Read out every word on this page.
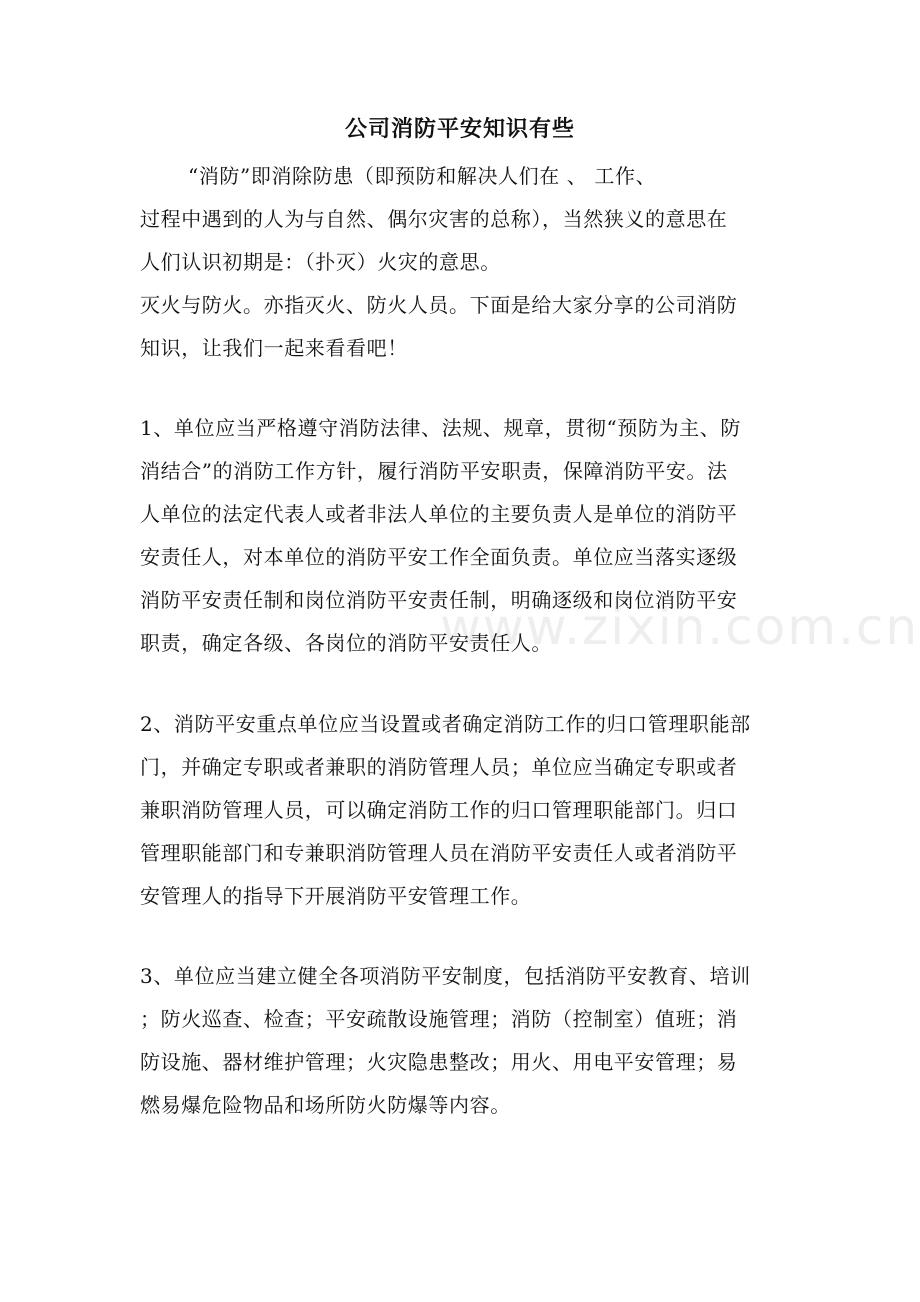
公司消防平安知识有些
“消防”即消除防患（即预防和解决人们在 、 工作、
过程中遇到的人为与自然、偶尔灾害的总称），当然狭义的意思在
人们认识初期是：（扑灭）火灾的意思。
灭火与防火。亦指灭火、防火人员。下面是给大家分享的公司消防
知识，让我们一起来看看吧！
1、单位应当严格遵守消防法律、法规、规章，贯彻“预防为主、防
消结合”的消防工作方针，履行消防平安职责，保障消防平安。法
人单位的法定代表人或者非法人单位的主要负责人是单位的消防平
安责任人，对本单位的消防平安工作全面负责。单位应当落实逐级
消防平安责任制和岗位消防平安责任制，明确逐级和岗位消防平安
职责，确定各级、各岗位的消防平安责任人。
2、消防平安重点单位应当设置或者确定消防工作的归口管理职能部
门，并确定专职或者兼职的消防管理人员；单位应当确定专职或者
兼职消防管理人员，可以确定消防工作的归口管理职能部门。归口
管理职能部门和专兼职消防管理人员在消防平安责任人或者消防平
安管理人的指导下开展消防平安管理工作。
3、单位应当建立健全各项消防平安制度，包括消防平安教育、培训
；防火巡查、检查；平安疏散设施管理；消防（控制室）值班；消
防设施、器材维护管理；火灾隐患整改；用火、用电平安管理；易
燃易爆危险物品和场所防火防爆等内容。
www.zixin.com.cn
